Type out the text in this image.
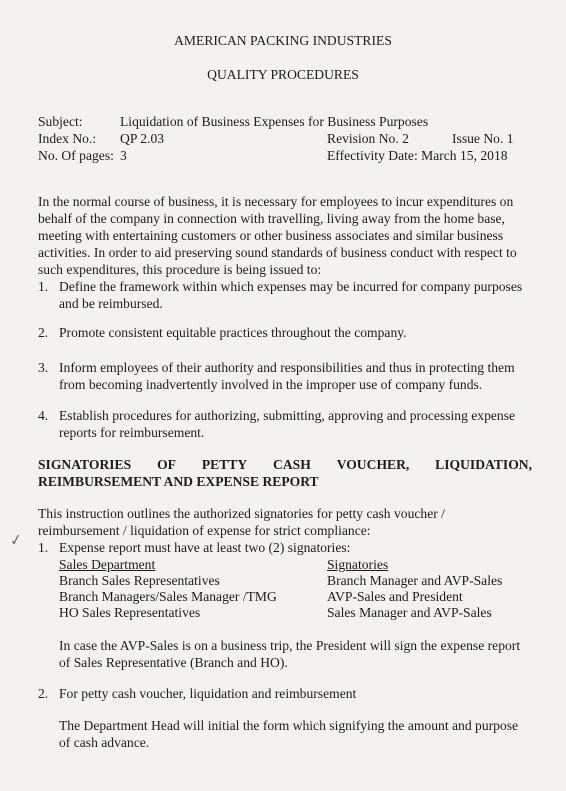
AMERICAN PACKING INDUSTRIES
QUALITY PROCEDURES
Subject:	Liquidation of Business Expenses for Business Purposes
Index No.: QP 2.03	Revision No. 2	Issue No. 1
No. Of pages: 3	Effectivity Date: March 15, 2018
In the normal course of business, it is necessary for employees to incur expenditures on
behalf of the company in connection with travelling, living away from the home base,
meeting with entertaining customers or other business associates and similar business
activities. In order to aid preserving sound standards of business conduct with respect to
such expenditures, this procedure is being issued to:
1. Define the framework within which expenses may be incurred for company purposes
and be reimbursed.
2. Promote consistent equitable practices throughout the company.
3. Inform employees of their authority and responsibilities and thus in protecting them
from becoming inadvertently involved in the improper use of company funds.
4. Establish procedures for authorizing, submitting, approving and processing expense
reports for reimbursement.
SIGNATORIES OF PETTY CASH VOUCHER, LIQUIDATION,
REIMBURSEMENT AND EXPENSE REPORT
This instruction outlines the authorized signatories for petty cash voucher /
reimbursement / liquidation of expense for strict compliance:
✓ 1. Expense report must have at least two (2) signatories:
Sales Department	Signatories
Branch Sales Representatives	Branch Manager and AVP-Sales
Branch Managers/Sales Manager /TMG	AVP-Sales and President
HO Sales Representatives	Sales Manager and AVP-Sales
In case the AVP-Sales is on a business trip, the President will sign the expense report
of Sales Representative (Branch and HO).
2. For petty cash voucher, liquidation and reimbursement
The Department Head will initial the form which signifying the amount and purpose
of cash advance.
